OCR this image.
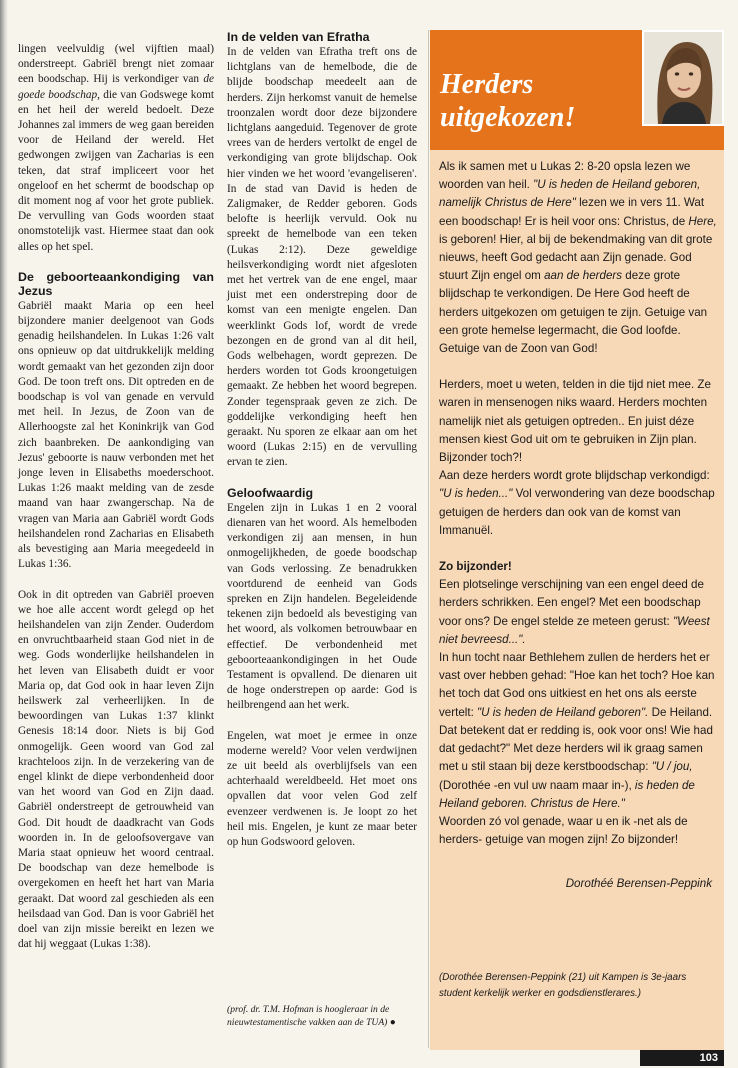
lingen veelvuldig (wel vijftien maal) onderstreept. Gabriël brengt niet zomaar een boodschap. Hij is verkondiger van de goede boodschap, die van Godswege komt en het heil der wereld bedoelt. Deze Johannes zal immers de weg gaan bereiden voor de Heiland der wereld. Het gedwongen zwijgen van Zacharias is een teken, dat straf impliceert voor het ongeloof en het schermt de boodschap op dit moment nog af voor het grote publiek. De vervulling van Gods woorden staat onomstotelijk vast. Hiermee staat dan ook alles op het spel.

De geboorteaankondiging van Jezus

Gabriël maakt Maria op een heel bijzondere manier deelgenoot van Gods genadig heilshandelen. In Lukas 1:26 valt ons opnieuw op dat uitdrukkelijk melding wordt gemaakt van het gezonden zijn door God. De toon treft ons. Dit optreden en de boodschap is vol van genade en vervuld met heil. In Jezus, de Zoon van de Allerhoogste zal het Koninkrijk van God zich baanbreken. De aankondiging van Jezus' geboorte is nauw verbonden met het jonge leven in Elisabeths moederschoot. Lukas 1:26 maakt melding van de zesde maand van haar zwangerschap. Na de vragen van Maria aan Gabriël wordt Gods heilshandelen rond Zacharias en Elisabeth als bevestiging aan Maria meegedeeld in Lukas 1:36.

Ook in dit optreden van Gabriël proeven we hoe alle accent wordt gelegd op het heilshandelen van zijn Zender. Ouderdom en onvruchtbaarheid staan God niet in de weg. Gods wonderlijke heilshandelen in het leven van Elisabeth duidt er voor Maria op, dat God ook in haar leven Zijn heilswerk zal verheerlijken. In de bewoordingen van Lukas 1:37 klinkt Genesis 18:14 door. Niets is bij God onmogelijk. Geen woord van God zal krachteloos zijn. In de verzekering van de engel klinkt de diepe verbondenheid door van het woord van God en Zijn daad. Gabriël onderstreept de getrouwheid van God. Dit houdt de daadkracht van Gods woorden in. In de geloofsovergave van Maria staat opnieuw het woord centraal. De boodschap van deze hemelbode is overgekomen en heeft het hart van Maria geraakt. Dat woord zal geschieden als een heilsdaad van God. Dan is voor Gabriël het doel van zijn missie bereikt en lezen we dat hij weggaat (Lukas 1:38).

In de velden van Efratha

In de velden van Efratha treft ons de lichtglans van de hemelbode, die de blijde boodschap meedeelt aan de herders. Zijn herkomst vanuit de hemelse troonzalen wordt door deze bijzondere lichtglans aangeduid. Tegenover de grote vrees van de herders vertolkt de engel de verkondiging van grote blijdschap. Ook hier vinden we het woord 'evangeliseren'. In de stad van David is heden de Zaligmaker, de Redder geboren. Gods belofte is heerlijk vervuld. Ook nu spreekt de hemelbode van een teken (Lukas 2:12). Deze geweldige heilsverkondiging wordt niet afgesloten met het vertrek van de ene engel, maar juist met een onderstreping door de komst van een menigte engelen. Dan weerklinkt Gods lof, wordt de vrede bezongen en de grond van al dit heil, Gods welbehagen, wordt geprezen. De herders worden tot Gods kroongetuigen gemaakt. Ze hebben het woord begrepen. Zonder tegenspraak geven ze zich. De goddelijke verkondiging heeft hen geraakt. Nu sporen ze elkaar aan om het woord (Lukas 2:15) en de vervulling ervan te zien.

Geloofwaardig

Engelen zijn in Lukas 1 en 2 vooral dienaren van het woord. Als hemelboden verkondigen zij aan mensen, in hun onmogelijkheden, de goede boodschap van Gods verlossing. Ze benadrukken voortdurend de eenheid van Gods spreken en Zijn handelen. Begeleidende tekenen zijn bedoeld als bevestiging van het woord, als volkomen betrouwbaar en effectief. De verbondenheid met geboorteaankondigingen in het Oude Testament is opvallend. De dienaren uit de hoge onderstrepen op aarde: God is heilbrengend aan het werk.

Engelen, wat moet je ermee in onze moderne wereld? Voor velen verdwijnen ze uit beeld als overblijfsels van een achterhaald wereldbeeld. Het moet ons opvallen dat voor velen God zelf evenzeer verdwenen is. Je loopt zo het heil mis. Engelen, je kunt ze maar beter op hun Godswoord geloven.

(prof. dr. T.M. Hofman is hoogleraar in de nieuwtestamentische vakken aan de TUA) ●
Herders
uitgekozen!

Als ik samen met u Lukas 2: 8-20 opsla lezen we woorden van heil. "U is heden de Heiland geboren, namelijk Christus de Here" lezen we in vers 11. Wat een boodschap! Er is heil voor ons: Christus, de Here, is geboren! Hier, al bij de bekendmaking van dit grote nieuws, heeft God gedacht aan Zijn genade. God stuurt Zijn engel om aan de herders deze grote blijdschap te verkondigen. De Here God heeft de herders uitgekozen om getuigen te zijn. Getuige van een grote hemelse legermacht, die God loofde. Getuige van de Zoon van God!

Herders, moet u weten, telden in die tijd niet mee. Ze waren in mensenogen niks waard. Herders mochten namelijk niet als getuigen optreden.. En juist déze mensen kiest God uit om te gebruiken in Zijn plan. Bijzonder toch?!

Aan deze herders wordt grote blijdschap verkondigd: "U is heden..." Vol verwondering van deze boodschap getuigen de herders dan ook van de komst van Immanuël.

Zo bijzonder!

Een plotselinge verschijning van een engel deed de herders schrikken. Een engel? Met een boodschap voor ons? De engel stelde ze meteen gerust: "Weest niet bevreesd...".

In hun tocht naar Bethlehem zullen de herders het er vast over hebben gehad: "Hoe kan het toch? Hoe kan het toch dat God ons uitkiest en het ons als eerste vertelt: "U is heden de Heiland geboren". De Heiland. Dat betekent dat er redding is, ook voor ons! Wie had dat gedacht?" Met deze herders wil ik graag samen met u stil staan bij deze kerstboodschap: "U / jou, (Dorothée -en vul uw naam maar in-), is heden de Heiland geboren. Christus de Here."

Woorden zó vol genade, waar u en ik -net als de herders- getuige van mogen zijn! Zo bijzonder!

Dorothéé Berensen-Peppink
(Dorothée Berensen-Peppink (21) uit Kampen is 3e-jaars student kerkelijk werker en godsdienstlerares.)
103
